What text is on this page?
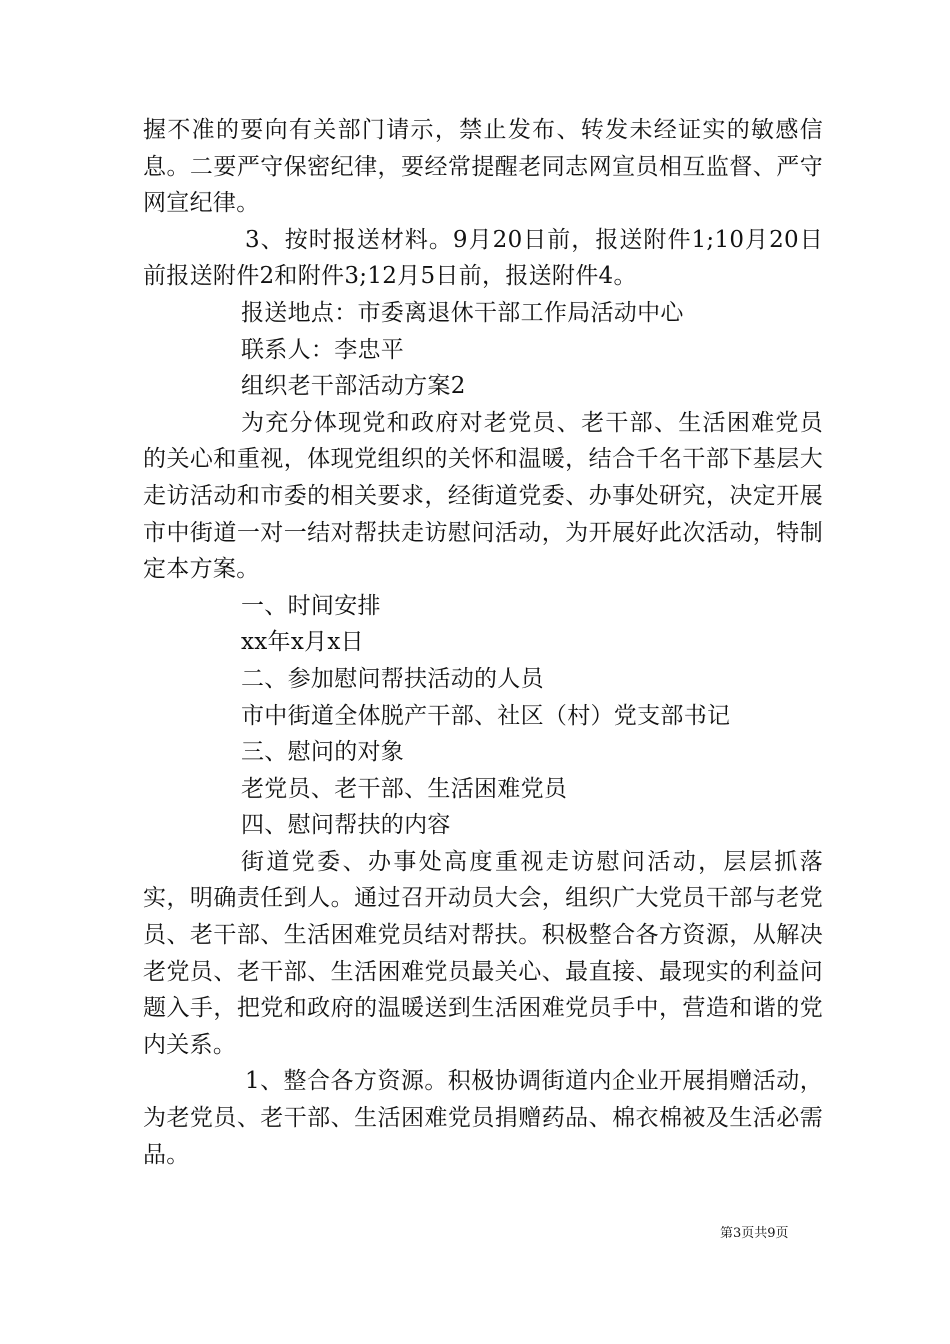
握不准的要向有关部门请示，禁止发布、转发未经证实的敏感信息。二要严守保密纪律，要经常提醒老同志网宣员相互监督、严守网宣纪律。

3、按时报送材料。9月20日前，报送附件1;10月20日前报送附件2和附件3;12月5日前，报送附件4。

报送地点：市委离退休干部工作局活动中心

联系人：李忠平

组织老干部活动方案2

为充分体现党和政府对老党员、老干部、生活困难党员的关心和重视，体现党组织的关怀和温暖，结合千名干部下基层大走访活动和市委的相关要求，经街道党委、办事处研究，决定开展市中街道一对一结对帮扶走访慰问活动，为开展好此次活动，特制定本方案。

一、时间安排

xx年x月x日

二、参加慰问帮扶活动的人员

市中街道全体脱产干部、社区（村）党支部书记

三、慰问的对象

老党员、老干部、生活困难党员

四、慰问帮扶的内容

街道党委、办事处高度重视走访慰问活动，层层抓落实，明确责任到人。通过召开动员大会，组织广大党员干部与老党员、老干部、生活困难党员结对帮扶。积极整合各方资源，从解决老党员、老干部、生活困难党员最关心、最直接、最现实的利益问题入手，把党和政府的温暖送到生活困难党员手中，营造和谐的党内关系。

1、整合各方资源。积极协调街道内企业开展捐赠活动，为老党员、老干部、生活困难党员捐赠药品、棉衣棉被及生活必需品。

第3页共9页
